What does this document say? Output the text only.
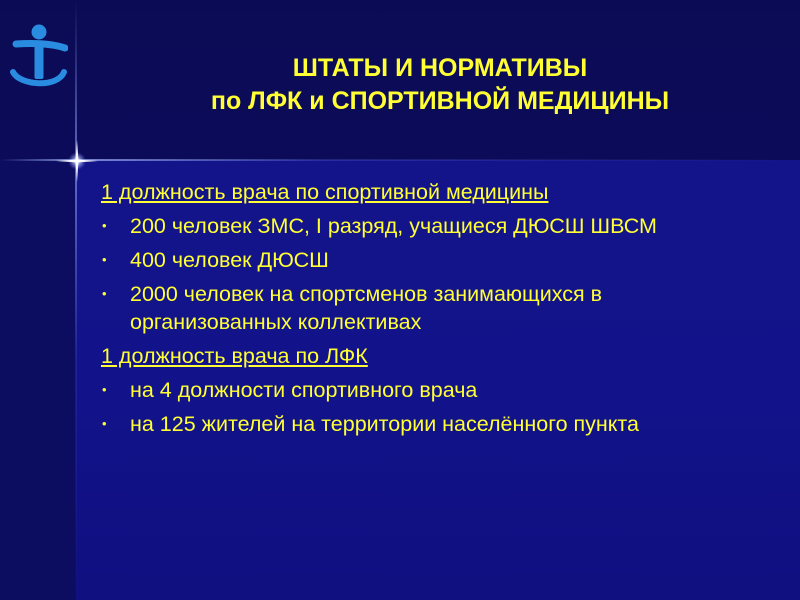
ШТАТЫ И НОРМАТИВЫ
по ЛФК и СПОРТИВНОЙ МЕДИЦИНЫ
1 должность врача по спортивной медицины
• 200 человек ЗМС, I разряд, учащиеся ДЮСШ ШВСМ
• 400 человек ДЮСШ
• 2000 человек на спортсменов занимающихся в организованных коллективах
1 должность врача по ЛФК
• на 4 должности спортивного врача
• на 125 жителей на территории населённого пункта
